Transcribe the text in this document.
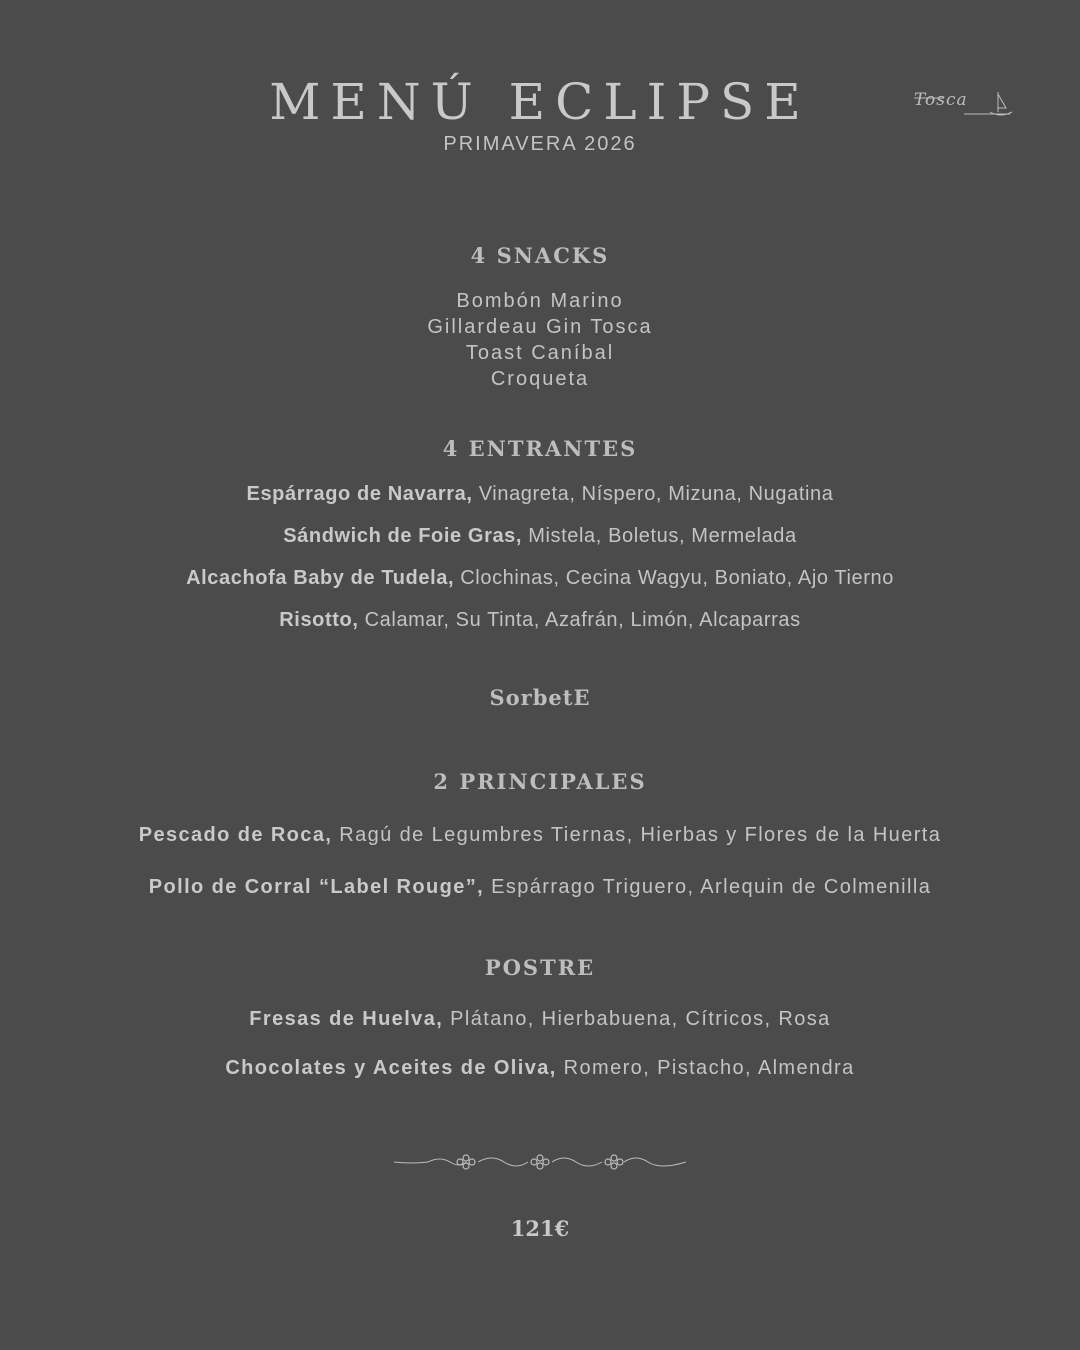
MENÚ ECLIPSE
PRIMAVERA 2026
Tosca
4 SNACKS
Bombón Marino
Gillardeau Gin Tosca
Toast Caníbal
Croqueta
4 ENTRANTES
Espárrago de Navarra, Vinagreta, Níspero, Mizuna, Nugatina
Sándwich de Foie Gras, Mistela, Boletus, Mermelada
Alcachofa Baby de Tudela, Clochinas, Cecina Wagyu, Boniato, Ajo Tierno
Risotto, Calamar, Su Tinta, Azafrán, Limón, Alcaparras
SorbetE
2 PRINCIPALES
Pescado de Roca, Ragú de Legumbres Tiernas, Hierbas y Flores de la Huerta
Pollo de Corral “Label Rouge”, Espárrago Triguero, Arlequin de Colmenilla
POSTRE
Fresas de Huelva, Plátano, Hierbabuena, Cítricos, Rosa
Chocolates y Aceites de Oliva, Romero, Pistacho, Almendra
121€
